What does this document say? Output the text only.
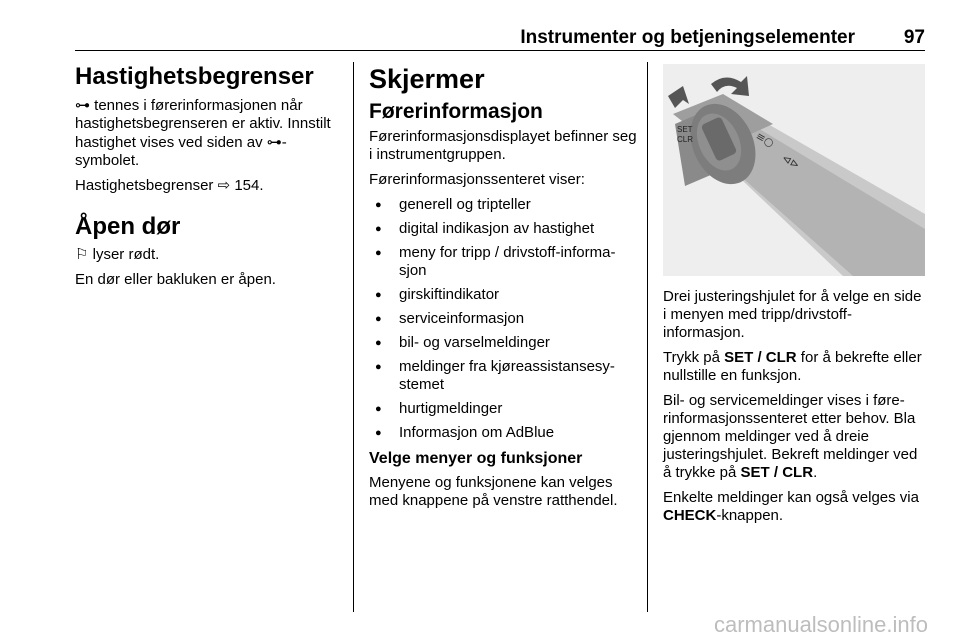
Instrumenter og betjeningselementer	97
Hastighetsbegrenser

⊶ tennes i førerinformasjonen når hastighetsbegrenseren er aktiv. Innstilt hastighet vises ved siden av ⊶-symbolet.

Hastighetsbegrenser ⇨ 154.

Åpen dør

⚐ lyser rødt.

En dør eller bakluken er åpen.

Skjermer
Førerinformasjon

Førerinformasjonsdisplayet befinner seg i instrumentgruppen.

Førerinformasjonssenteret viser:

● generell og tripteller
● digital indikasjon av hastighet
● meny for tripp / drivstoff-informa-sjon
● girskiftindikator
● serviceinformasjon
● bil- og varselmeldinger
● meldinger fra kjøreassistansesy-stemet
● hurtigmeldinger
● Informasjon om AdBlue
Velge menyer og funksjoner

Menyene og funksjonene kan velges med knappene på venstre ratthendel.

≡○
⊲⊳
SET
CLR

Drei justeringshjulet for å velge en side i menyen med tripp/drivstoff-informasjon.

Trykk på SET / CLR for å bekrefte eller nullstille en funksjon.

Bil- og servicemeldinger vises i føre-rinformasjonssenteret etter behov. Bla gjennom meldinger ved å dreie justeringshjulet. Bekreft meldinger ved å trykke på SET / CLR.

Enkelte meldinger kan også velges via CHECK-knappen.

carmanualsonline.info
